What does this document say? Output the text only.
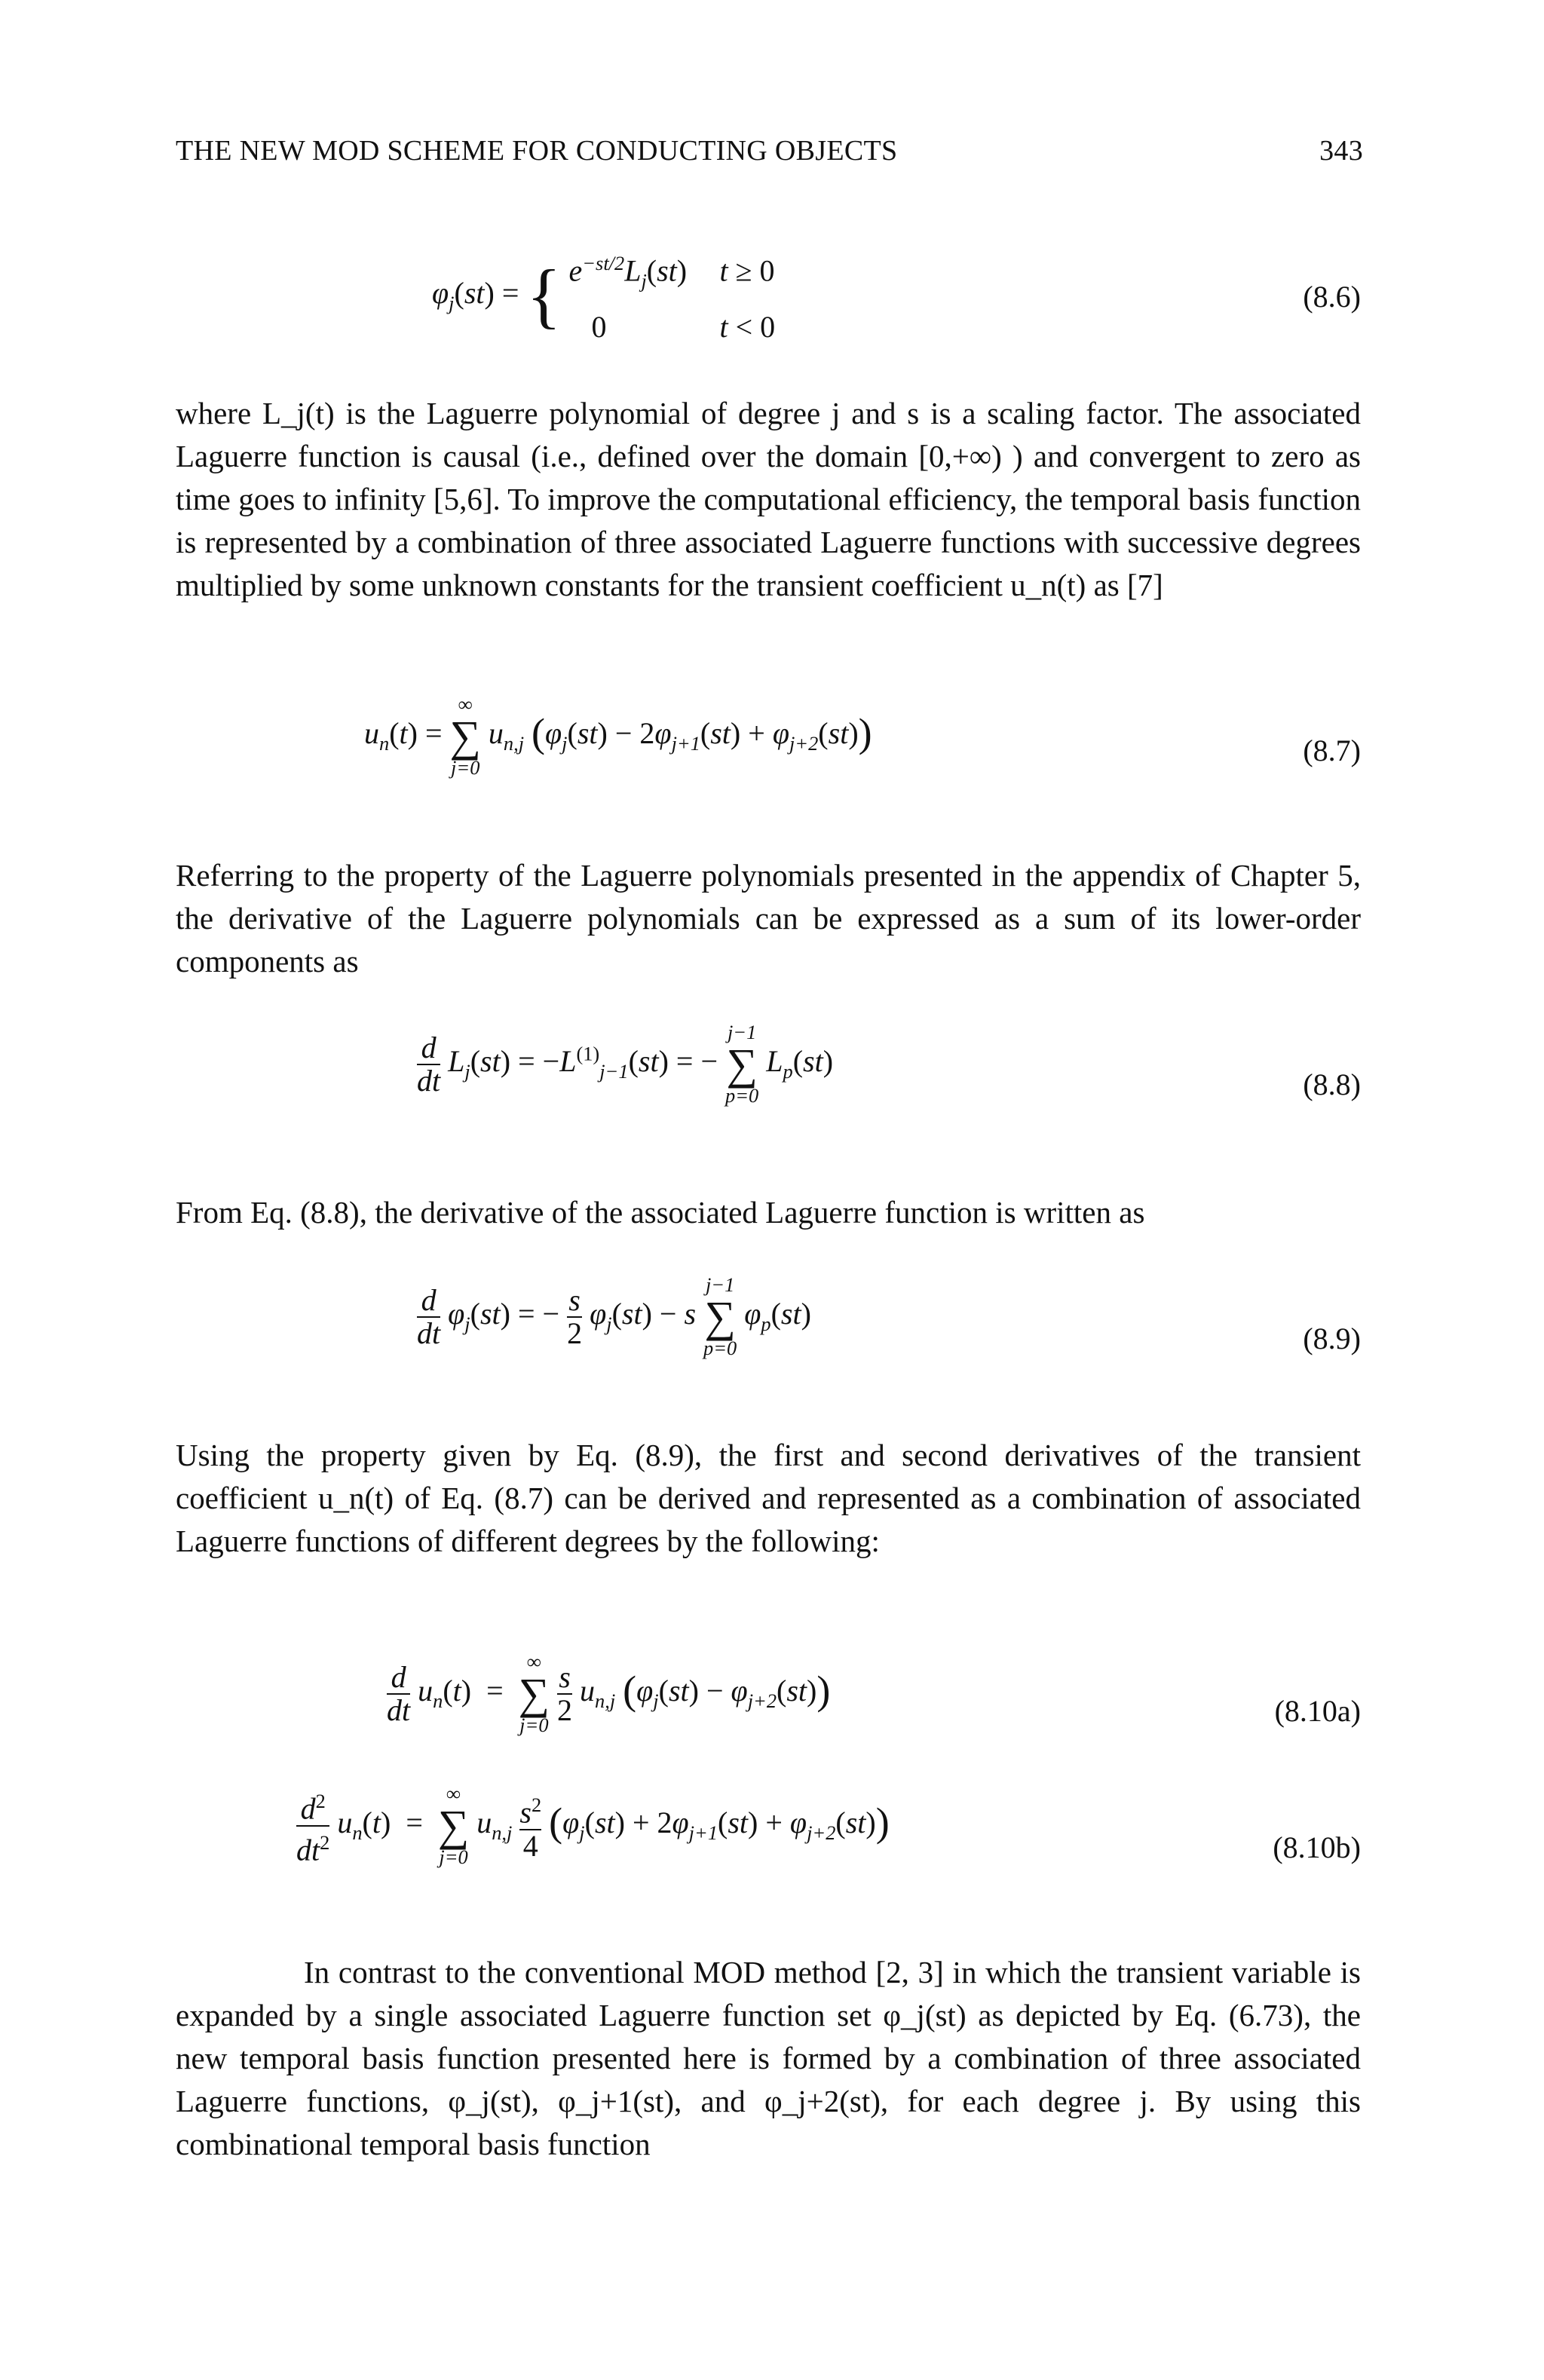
THE NEW MOD SCHEME FOR CONDUCTING OBJECTS	343
$\varphi_j(st)$ = { $e^{-st/2}L_j(st) t \ge 0$
0	t < 0
(8.6)
where L_j(t) is the Laguerre polynomial of degree j and s is a scaling factor. The associated Laguerre function is causal (i.e., defined over the domain [0,+∞) ) and convergent to zero as time goes to infinity [5,6]. To improve the computational efficiency, the temporal basis function is represented by a combination of three associated Laguerre functions with successive degrees multiplied by some unknown constants for the transient coefficient u_n(t) as [7]
$u_n(t)$ =
∞
∑
j=0
$u_{n,j}$ $(\varphi_j(st) - 2\varphi_{j+1}(st) + \varphi_{j+2}(st))$	(8.7)
Referring to the property of the Laguerre polynomials presented in the appendix of Chapter 5, the derivative of the Laguerre polynomials can be expressed as a sum of its lower-order components as
$\frac{d}{dt} L_j(st) = -L^{(1)}_{j-1}(st)$ = −
j−1
∑
p=0
$L_p(st)$
(8.8)
From Eq. (8.8), the derivative of the associated Laguerre function is written as
$\frac{d}{dt} \varphi_j(st)$ = − $\frac{s}{2} \varphi_j(st) - s$
j−1
∑
p=0
$\varphi_p(st)$
(8.9)
Using the property given by Eq. (8.9), the first and second derivatives of the transient coefficient u_n(t) of Eq. (8.7) can be derived and represented as a combination of associated Laguerre functions of different degrees by the following:
$\frac{d}{dt} u_n(t)$ =
∞
∑
j=0
$\frac{s}{2} u_{n,j}$ $(\varphi_j(st) - \varphi_{j+2}(st))$	(8.10a)
$\frac{d^2}{dt^2} u_n(t)$ =
∞
∑
j=0
$u_{n,j} \frac{s^2}{4} (\varphi_j(st) + 2\varphi_{j+1}(st) + \varphi_{j+2}(st))$
(8.10b)
In contrast to the conventional MOD method [2, 3] in which the transient variable is expanded by a single associated Laguerre function set φ_j(st) as depicted by Eq. (6.73), the new temporal basis function presented here is formed by a combination of three associated Laguerre functions, φ_j(st), φ_j+1(st), and φ_j+2(st), for each degree j. By using this combinational temporal basis function
